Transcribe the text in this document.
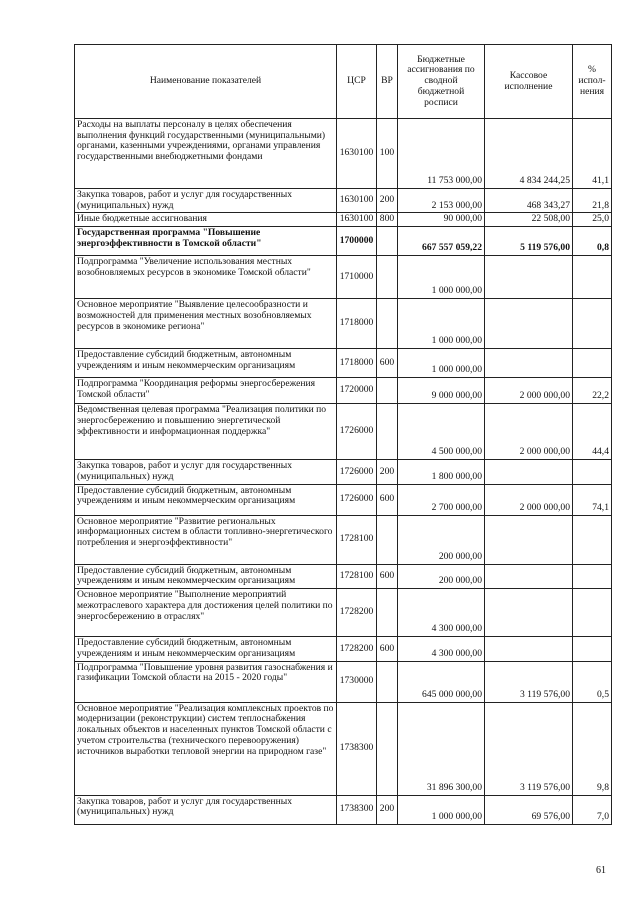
Наименование показателей	ЦСР	ВР	Бюджетные ассигнования по сводной бюджетной росписи	Кассовое исполнение	% испол-нения
Расходы на выплаты персоналу в целях обеспечения выполнения функций государственными (муниципальными) органами, казенными учреждениями, органами управления государственными внебюджетными фондами	1630100	100	11 753 000,00	4 834 244,25	41,1
Закупка товаров, работ и услуг для государственных (муниципальных) нужд	1630100	200	2 153 000,00	468 343,27	21,8
Иные бюджетные ассигнования	1630100	800	90 000,00	22 508,00	25,0
Государственная программа "Повышение энергоэффективности в Томской области"	1700000		667 557 059,22	5 119 576,00	0,8
Подпрограмма "Увеличение использования местных возобновляемых ресурсов в экономике Томской области"	1710000		1 000 000,00		
Основное мероприятие "Выявление целесообразности и возможностей для применения местных возобновляемых ресурсов в экономике региона"	1718000		1 000 000,00		
Предоставление субсидий бюджетным, автономным учреждениям и иным некоммерческим организациям	1718000	600	1 000 000,00		
Подпрограмма "Координация реформы энергосбережения Томской области"	1720000		9 000 000,00	2 000 000,00	22,2
Ведомственная целевая программа "Реализация политики по энергосбережению и повышению энергетической эффективности и информационная поддержка"	1726000		4 500 000,00	2 000 000,00	44,4
Закупка товаров, работ и услуг для государственных (муниципальных) нужд	1726000	200	1 800 000,00		
Предоставление субсидий бюджетным, автономным учреждениям и иным некоммерческим организациям	1726000	600	2 700 000,00	2 000 000,00	74,1
Основное мероприятие "Развитие региональных информационных систем в области топливно-энергетического потребления и энергоэффективности"	1728100		200 000,00		
Предоставление субсидий бюджетным, автономным учреждениям и иным некоммерческим организациям	1728100	600	200 000,00		
Основное мероприятие "Выполнение мероприятий межотраслевого характера для достижения целей политики по энергосбережению в отраслях"	1728200		4 300 000,00		
Предоставление субсидий бюджетным, автономным учреждениям и иным некоммерческим организациям	1728200	600	4 300 000,00		
Подпрограмма "Повышение уровня развития газоснабжения и газификации Томской области на 2015 - 2020 годы"	1730000		645 000 000,00	3 119 576,00	0,5
Основное мероприятие "Реализация комплексных проектов по модернизации (реконструкции) систем теплоснабжения локальных объектов и населенных пунктов Томской области с учетом строительства (технического перевооружения) источников выработки тепловой энергии на природном газе"	1738300		31 896 300,00	3 119 576,00	9,8
Закупка товаров, работ и услуг для государственных (муниципальных) нужд	1738300	200	1 000 000,00	69 576,00	7,0
61
